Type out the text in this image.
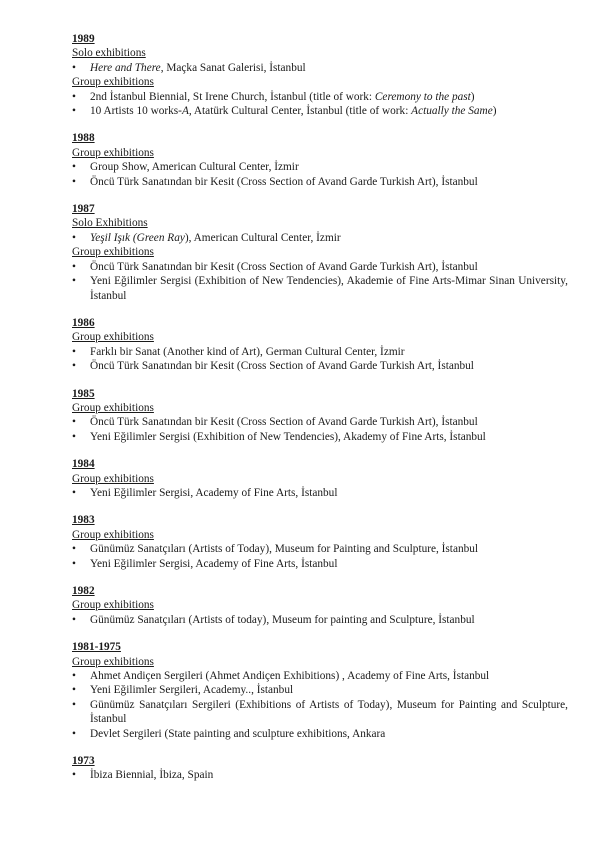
1989
Solo exhibitions
• Here and There, Maçka Sanat Galerisi, İstanbul
Group exhibitions
• 2nd İstanbul Biennial, St Irene Church, İstanbul (title of work: Ceremony to the past)
• 10 Artists 10 works-A, Atatürk Cultural Center, İstanbul (title of work: Actually the Same)
1988
Group exhibitions
• Group Show, American Cultural Center, İzmir
• Öncü Türk Sanatından bir Kesit (Cross Section of Avand Garde Turkish Art), İstanbul
1987
Solo Exhibitions
• Yeşil Işık (Green Ray), American Cultural Center, İzmir
Group exhibitions
• Öncü Türk Sanatından bir Kesit (Cross Section of Avand Garde Turkish Art), İstanbul
• Yeni Eğilimler Sergisi (Exhibition of New Tendencies), Akademie of Fine Arts-Mimar Sinan University, İstanbul
1986
Group exhibitions
• Farklı bir Sanat (Another kind of Art), German Cultural Center, İzmir
• Öncü Türk Sanatından bir Kesit (Cross Section of Avand Garde Turkish Art, İstanbul
1985
Group exhibitions
• Öncü Türk Sanatından bir Kesit (Cross Section of Avand Garde Turkish Art), İstanbul
• Yeni Eğilimler Sergisi (Exhibition of New Tendencies), Akademy of Fine Arts, İstanbul
1984
Group exhibitions
• Yeni Eğilimler Sergisi, Academy of Fine Arts, İstanbul
1983
Group exhibitions
• Günümüz Sanatçıları (Artists of Today), Museum for Painting and Sculpture, İstanbul
• Yeni Eğilimler Sergisi, Academy of Fine Arts, İstanbul
1982
Group exhibitions
• Günümüz Sanatçıları (Artists of today), Museum for painting and Sculpture, İstanbul
1981-1975
Group exhibitions
• Ahmet Andiçen Sergileri (Ahmet Andiçen Exhibitions) , Academy of Fine Arts, İstanbul
• Yeni Eğilimler Sergileri, Academy.., İstanbul
• Günümüz Sanatçıları Sergileri (Exhibitions of Artists of Today), Museum for Painting and Sculpture, İstanbul
• Devlet Sergileri (State painting and sculpture exhibitions, Ankara
1973
• İbiza Biennial, İbiza, Spain
